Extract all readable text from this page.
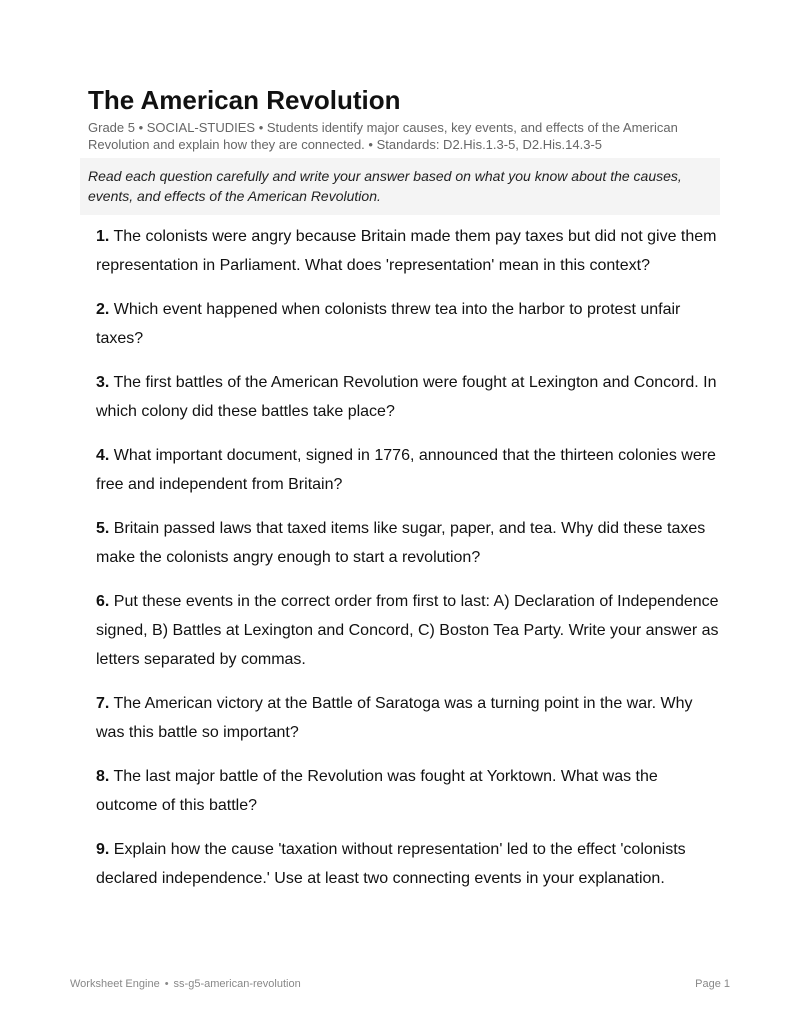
The American Revolution
Grade 5 • SOCIAL-STUDIES • Students identify major causes, key events, and effects of the American Revolution and explain how they are connected. • Standards: D2.His.1.3-5, D2.His.14.3-5
Read each question carefully and write your answer based on what you know about the causes, events, and effects of the American Revolution.
1. The colonists were angry because Britain made them pay taxes but did not give them representation in Parliament. What does 'representation' mean in this context?
2. Which event happened when colonists threw tea into the harbor to protest unfair taxes?
3. The first battles of the American Revolution were fought at Lexington and Concord. In which colony did these battles take place?
4. What important document, signed in 1776, announced that the thirteen colonies were free and independent from Britain?
5. Britain passed laws that taxed items like sugar, paper, and tea. Why did these taxes make the colonists angry enough to start a revolution?
6. Put these events in the correct order from first to last: A) Declaration of Independence signed, B) Battles at Lexington and Concord, C) Boston Tea Party. Write your answer as letters separated by commas.
7. The American victory at the Battle of Saratoga was a turning point in the war. Why was this battle so important?
8. The last major battle of the Revolution was fought at Yorktown. What was the outcome of this battle?
9. Explain how the cause 'taxation without representation' led to the effect 'colonists declared independence.' Use at least two connecting events in your explanation.
Worksheet Engine • ss-g5-american-revolution	Page 1
